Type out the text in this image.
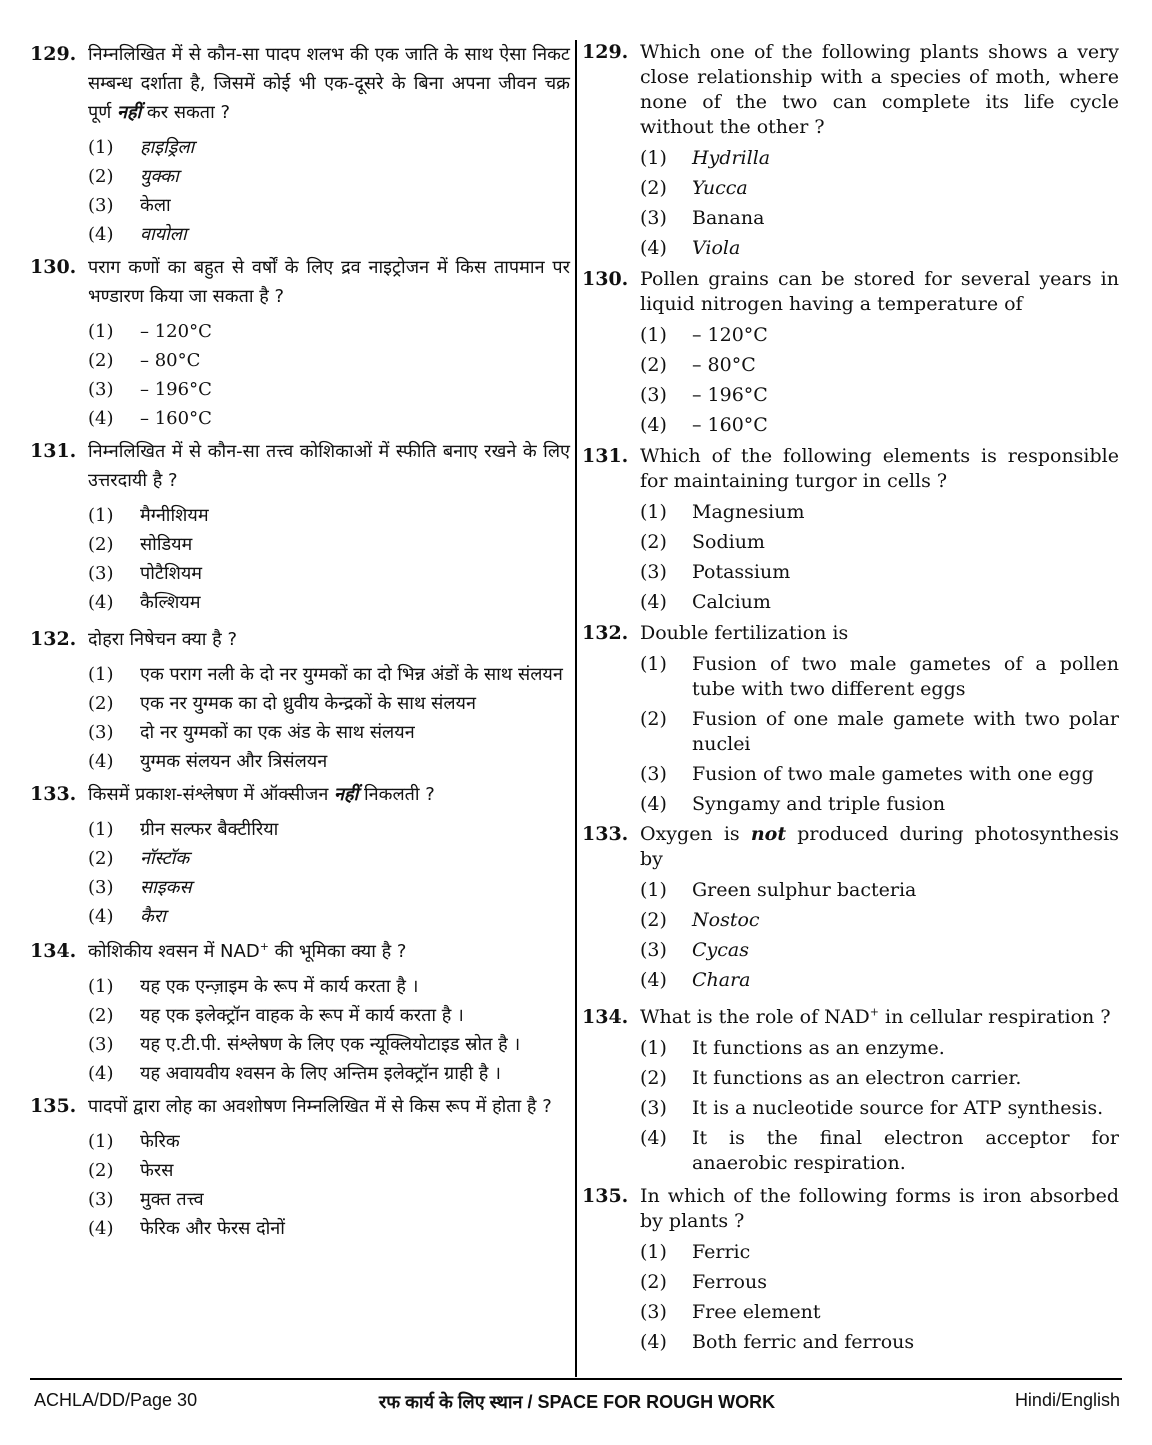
129. निम्नलिखित में से कौन-सा पादप शलभ की एक जाति के साथ ऐसा निकट सम्बन्ध दर्शाता है, जिसमें कोई भी एक-दूसरे के बिना अपना जीवन चक्र पूर्ण नहीं कर सकता ?
(1)	हाइड्रिला
(2)	युक्का
(3)	केला
(4)	वायोला
130. पराग कणों का बहुत से वर्षों के लिए द्रव नाइट्रोजन में किस तापमान पर भण्डारण किया जा सकता है ?
(1)	– 120°C
(2)	– 80°C
(3)	– 196°C
(4)	– 160°C
131. निम्नलिखित में से कौन-सा तत्त्व कोशिकाओं में स्फीति बनाए रखने के लिए उत्तरदायी है ?
(1)	मैग्नीशियम
(2)	सोडियम
(3)	पोटैशियम
(4)	कैल्शियम
132. दोहरा निषेचन क्या है ?
(1)	एक पराग नली के दो नर युग्मकों का दो भिन्न अंडों के साथ संलयन
(2)	एक नर युग्मक का दो ध्रुवीय केन्द्रकों के साथ संलयन
(3)	दो नर युग्मकों का एक अंड के साथ संलयन
(4)	युग्मक संलयन और त्रिसंलयन
133. किसमें प्रकाश-संश्लेषण में ऑक्सीजन नहीं निकलती ?
(1)	ग्रीन सल्फर बैक्टीरिया
(2)	नॉस्टॉक
(3)	साइकस
(4)	कैरा
134. कोशिकीय श्वसन में NAD+ की भूमिका क्या है ?
(1)	यह एक एन्ज़ाइम के रूप में कार्य करता है ।
(2)	यह एक इलेक्ट्रॉन वाहक के रूप में कार्य करता है ।
(3)	यह ए.टी.पी. संश्लेषण के लिए एक न्यूक्लियोटाइड स्रोत है ।
(4)	यह अवायवीय श्वसन के लिए अन्तिम इलेक्ट्रॉन ग्राही है ।
135. पादपों द्वारा लोह का अवशोषण निम्नलिखित में से किस रूप में होता है ?
(1)	फेरिक
(2)	फेरस
(3)	मुक्त तत्त्व
(4)	फेरिक और फेरस दोनों
129. Which one of the following plants shows a very close relationship with a species of moth, where none of the two can complete its life cycle without the other ?
(1)	Hydrilla
(2)	Yucca
(3)	Banana
(4)	Viola
130. Pollen grains can be stored for several years in liquid nitrogen having a temperature of
(1)	– 120°C
(2)	– 80°C
(3)	– 196°C
(4)	– 160°C
131. Which of the following elements is responsible for maintaining turgor in cells ?
(1)	Magnesium
(2)	Sodium
(3)	Potassium
(4)	Calcium
132. Double fertilization is
(1)	Fusion of two male gametes of a pollen tube with two different eggs
(2)	Fusion of one male gamete with two polar nuclei
(3)	Fusion of two male gametes with one egg
(4)	Syngamy and triple fusion
133. Oxygen is not produced during photosynthesis by
(1)	Green sulphur bacteria
(2)	Nostoc
(3)	Cycas
(4)	Chara
134. What is the role of NAD+ in cellular respiration ?
(1)	It functions as an enzyme.
(2)	It functions as an electron carrier.
(3)	It is a nucleotide source for ATP synthesis.
(4)	It is the final electron acceptor for anaerobic respiration.
135. In which of the following forms is iron absorbed by plants ?
(1)	Ferric
(2)	Ferrous
(3)	Free element
(4)	Both ferric and ferrous
ACHLA/DD/Page 30	रफ कार्य के लिए स्थान / SPACE FOR ROUGH WORK	Hindi/English
